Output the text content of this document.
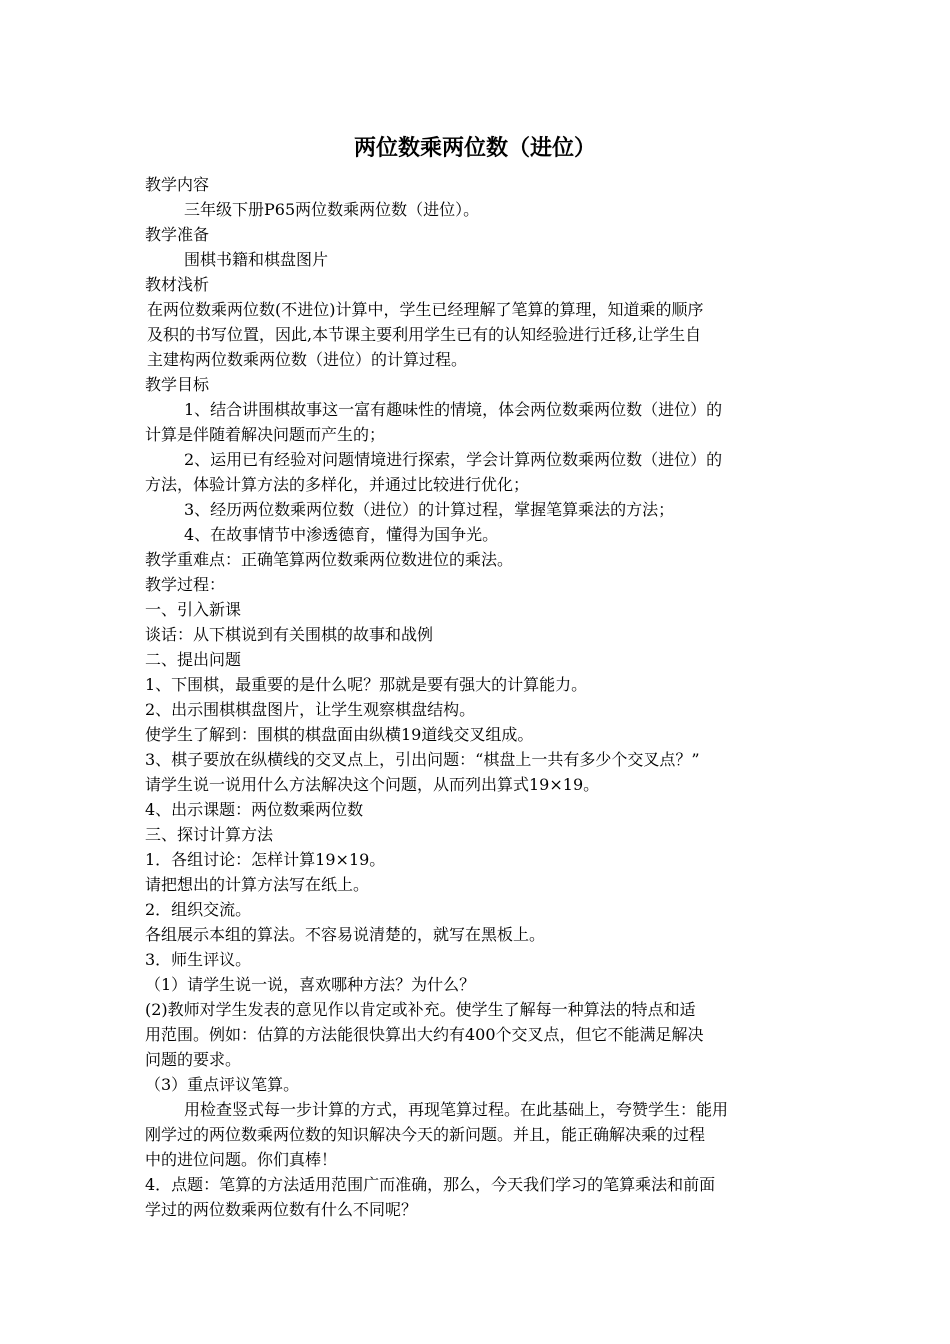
两位数乘两位数（进位）
教学内容
三年级下册P65两位数乘两位数（进位）。
教学准备
围棋书籍和棋盘图片
教材浅析
在两位数乘两位数(不进位)计算中，学生已经理解了笔算的算理，知道乘的顺序
及积的书写位置，因此,本节课主要利用学生已有的认知经验进行迁移,让学生自
主建构两位数乘两位数（进位）的计算过程。
教学目标
1、结合讲围棋故事这一富有趣味性的情境，体会两位数乘两位数（进位）的
计算是伴随着解决问题而产生的；
2、运用已有经验对问题情境进行探索，学会计算两位数乘两位数（进位）的
方法，体验计算方法的多样化，并通过比较进行优化；
3、经历两位数乘两位数（进位）的计算过程，掌握笔算乘法的方法；
4、在故事情节中渗透德育，懂得为国争光。
教学重难点：正确笔算两位数乘两位数进位的乘法。
教学过程：
一、引入新课
谈话：从下棋说到有关围棋的故事和战例
二、提出问题
1、下围棋，最重要的是什么呢？那就是要有强大的计算能力。
2、出示围棋棋盘图片，让学生观察棋盘结构。
使学生了解到：围棋的棋盘面由纵横19道线交叉组成。
3、棋子要放在纵横线的交叉点上，引出问题：“棋盘上一共有多少个交叉点？”
请学生说一说用什么方法解决这个问题，从而列出算式19×19。
4、出示课题：两位数乘两位数
三、探讨计算方法
1．各组讨论：怎样计算19×19。
请把想出的计算方法写在纸上。
2．组织交流。
各组展示本组的算法。不容易说清楚的，就写在黑板上。
3．师生评议。
（1）请学生说一说，喜欢哪种方法？为什么？
(2)教师对学生发表的意见作以肯定或补充。使学生了解每一种算法的特点和适
用范围。例如：估算的方法能很快算出大约有400个交叉点，但它不能满足解决
问题的要求。
（3）重点评议笔算。
用检查竖式每一步计算的方式，再现笔算过程。在此基础上，夸赞学生：能用
刚学过的两位数乘两位数的知识解决今天的新问题。并且，能正确解决乘的过程
中的进位问题。你们真棒！
4．点题：笔算的方法适用范围广而准确，那么，今天我们学习的笔算乘法和前面
学过的两位数乘两位数有什么不同呢？
